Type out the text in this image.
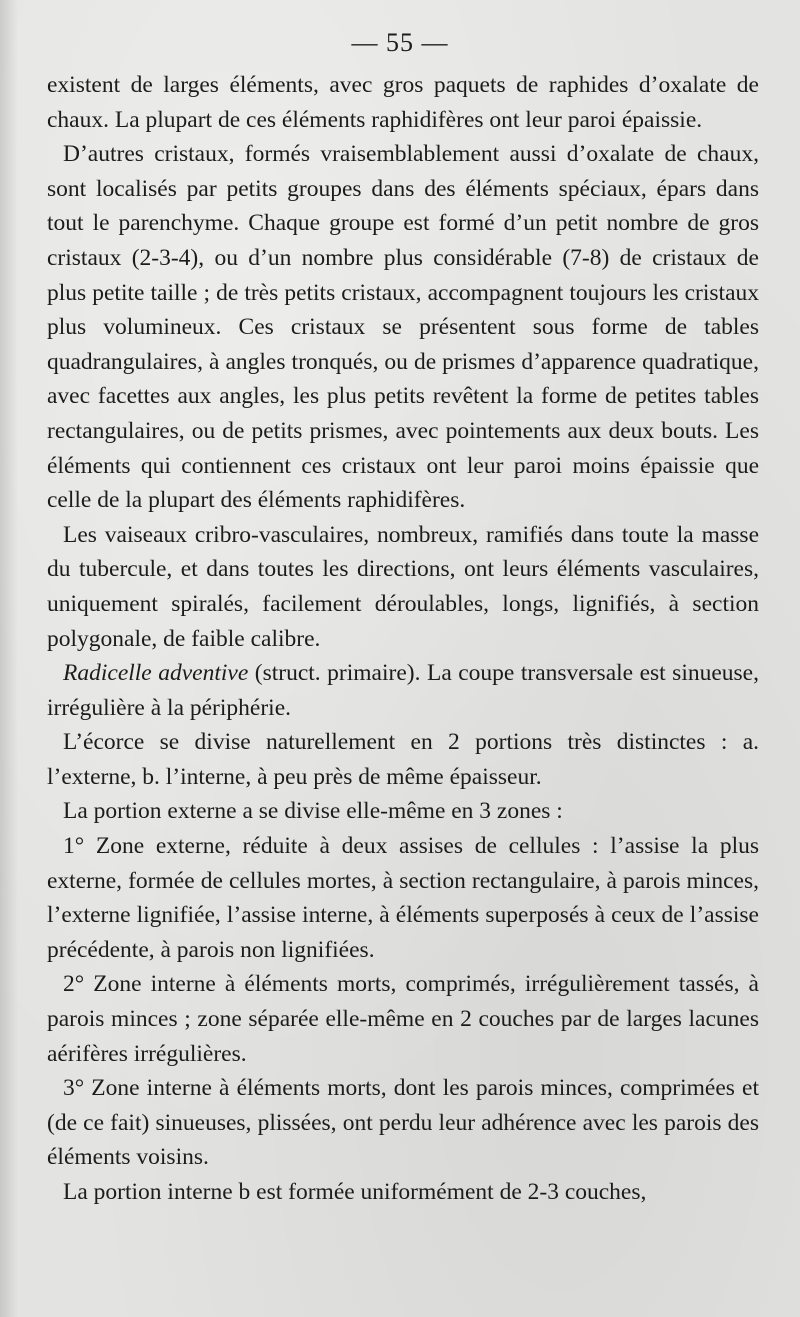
— 55 —

existent de larges éléments, avec gros paquets de raphides d’oxalate de chaux. La plupart de ces éléments raphidifères ont leur paroi épaissie.

D’autres cristaux, formés vraisemblablement aussi d’oxalate de chaux, sont localisés par petits groupes dans des éléments spéciaux, épars dans tout le parenchyme. Chaque groupe est formé d’un petit nombre de gros cristaux (2-3-4), ou d’un nombre plus considérable (7-8) de cristaux de plus petite taille ; de très petits cristaux, accompagnent toujours les cristaux plus volumineux. Ces cristaux se présentent sous forme de tables quadrangulaires, à angles tronqués, ou de prismes d’apparence quadratique, avec facettes aux angles, les plus petits revêtent la forme de petites tables rectangulaires, ou de petits prismes, avec pointements aux deux bouts. Les éléments qui contiennent ces cristaux ont leur paroi moins épaissie que celle de la plupart des éléments raphidifères.

Les vaiseaux cribro-vasculaires, nombreux, ramifiés dans toute la masse du tubercule, et dans toutes les directions, ont leurs éléments vasculaires, uniquement spiralés, facilement déroulables, longs, lignifiés, à section polygonale, de faible calibre.

Radicelle adventive (struct. primaire). La coupe transversale est sinueuse, irrégulière à la périphérie.

L’écorce se divise naturellement en 2 portions très distinctes : a. l’externe, b. l’interne, à peu près de même épaisseur.

La portion externe a se divise elle-même en 3 zones :

1° Zone externe, réduite à deux assises de cellules : l’assise la plus externe, formée de cellules mortes, à section rectangulaire, à parois minces, l’externe lignifiée, l’assise interne, à éléments superposés à ceux de l’assise précédente, à parois non lignifiées.

2° Zone interne à éléments morts, comprimés, irrégulièrement tassés, à parois minces ; zone séparée elle-même en 2 couches par de larges lacunes aérifères irrégulières.

3° Zone interne à éléments morts, dont les parois minces, comprimées et (de ce fait) sinueuses, plissées, ont perdu leur adhérence avec les parois des éléments voisins.

La portion interne b est formée uniformément de 2-3 couches,
